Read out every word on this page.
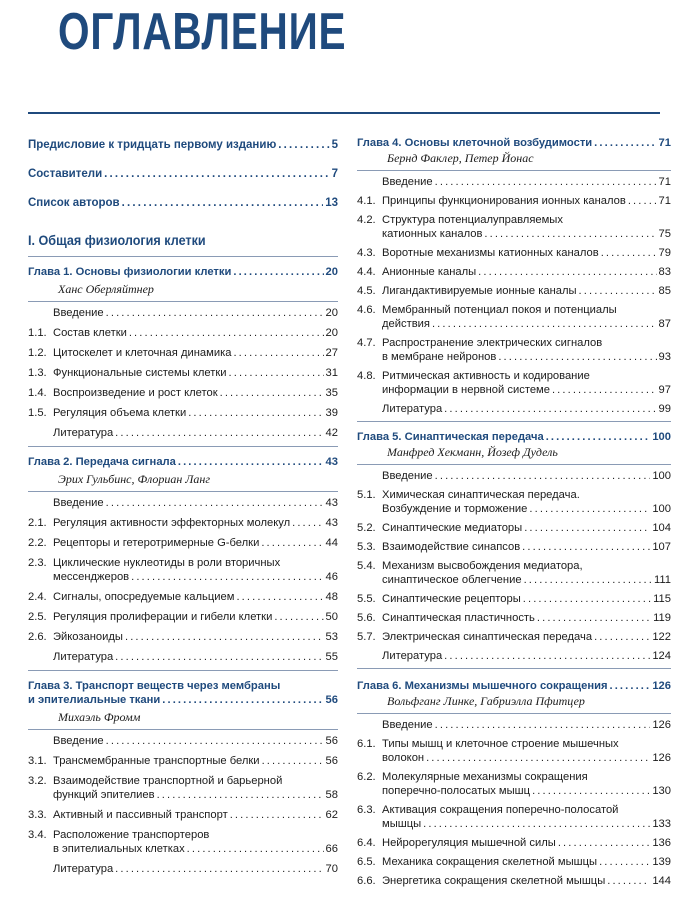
ОГЛАВЛЕНИЕ
Предисловие к тридцать первому изданию . . .	5
Составители . . .	7
Список авторов . . .	13
I. Общая физиология клетки
Глава 1. Основы физиологии клетки . . .	20
Ханс Оберляйтнер
Введение . . .	20
1.1. Состав клетки . . .	20
1.2. Цитоскелет и клеточная динамика . . .	27
1.3. Функциональные системы клетки . . .	31
1.4. Воспроизведение и рост клеток . . .	35
1.5. Регуляция объема клетки . . .	39
Литература . . .	42
Глава 2. Передача сигнала . . .	43
Эрих Гульбинс, Флориан Ланг
Введение . . .	43
2.1. Регуляция активности эффекторных молекул . . .	43
2.2. Рецепторы и гетеротримерные G-белки . . .	44
2.3. Циклические нуклеотиды в роли вторичных
мессенджеров . . .	46
2.4. Сигналы, опосредуемые кальцием . . .	48
2.5. Регуляция пролиферации и гибели клетки . . .	50
2.6. Эйкозаноиды . . .	53
Литература . . .	55
Глава 3. Транспорт веществ через мембраны
и эпителиальные ткани . . .	56
Михаэль Фромм
Введение . . .	56
3.1. Трансмембранные транспортные белки . . .	56
3.2. Взаимодействие транспортной и барьерной
функций эпителиев . . .	58
3.3. Активный и пассивный транспорт . . .	62
3.4. Расположение транспортеров
в эпителиальных клетках . . .	66
Литература . . .	70
Глава 4. Основы клеточной возбудимости . . .	71
Бернд Факлер, Петер Йонас
Введение . . .	71
4.1. Принципы функционирования ионных каналов . . .	71
4.2. Структура потенциалуправляемых
катионных каналов . . .	75
4.3. Воротные механизмы катионных каналов . . .	79
4.4. Анионные каналы . . .	83
4.5. Лигандактивируемые ионные каналы . . .	85
4.6. Мембранный потенциал покоя и потенциалы
действия . . .	87
4.7. Распространение электрических сигналов
в мембране нейронов . . .	93
4.8. Ритмическая активность и кодирование
информации в нервной системе . . .	97
Литература . . .	99
Глава 5. Синаптическая передача . . .	100
Манфред Хекманн, Йозеф Дудель
Введение . . .	100
5.1. Химическая синаптическая передача.
Возбуждение и торможение . . .	100
5.2. Синаптические медиаторы . . .	104
5.3. Взаимодействие синапсов . . .	107
5.4. Механизм высвобождения медиатора,
синаптическое облегчение . . .	111
5.5. Синаптические рецепторы . . .	115
5.6. Синаптическая пластичность . . .	119
5.7. Электрическая синаптическая передача . . .	122
Литература . . .	124
Глава 6. Механизмы мышечного сокращения . . .	126
Вольфганг Линке, Габриэлла Пфитцер
Введение . . .	126
6.1. Типы мышц и клеточное строение мышечных
волокон . . .	126
6.2. Молекулярные механизмы сокращения
поперечно-полосатых мышц . . .	130
6.3. Активация сокращения поперечно-полосатой
мышцы . . .	133
6.4. Нейрорегуляция мышечной силы . . .	136
6.5. Механика сокращения скелетной мышцы . . .	139
6.6. Энергетика сокращения скелетной мышцы . . .	144
